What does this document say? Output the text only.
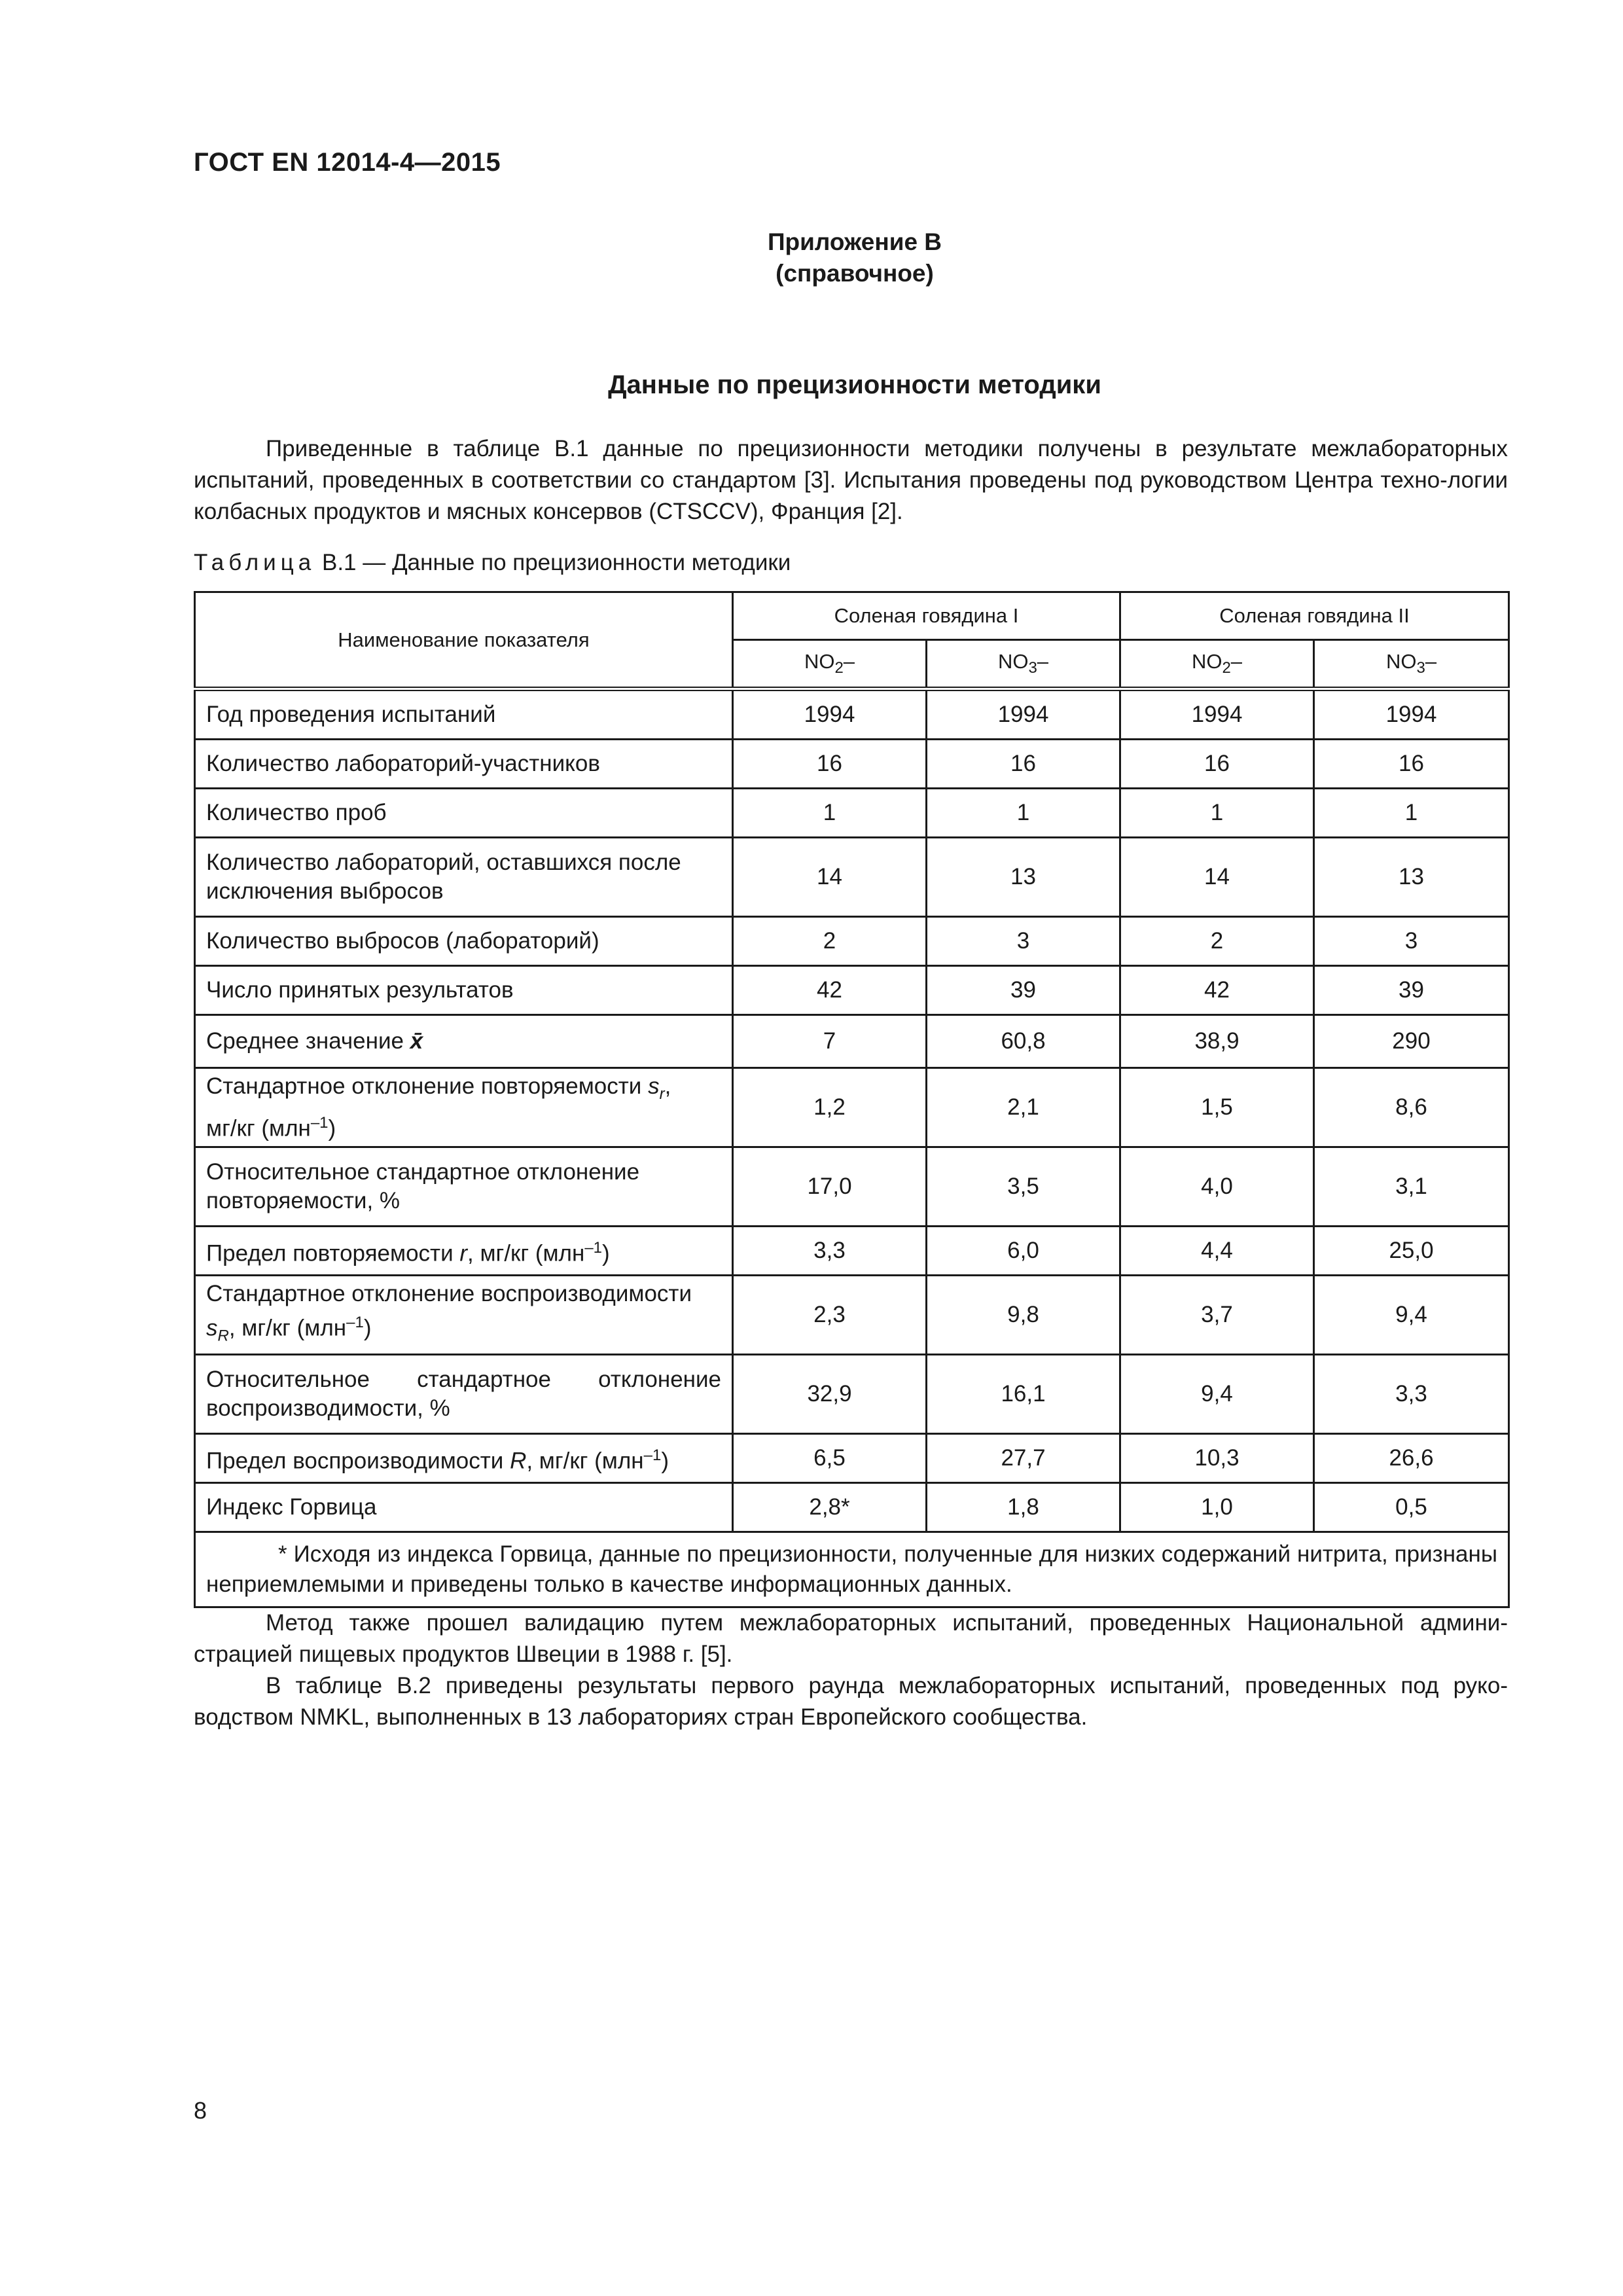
ГОСТ EN 12014-4—2015
Приложение В
(справочное)
Данные по прецизионности методики

Приведенные в таблице В.1 данные по прецизионности методики получены в результате межлабораторных испытаний, проведенных в соответствии со стандартом [3]. Испытания проведены под руководством Центра техно-логии колбасных продуктов и мясных консервов (CTSCCV), Франция [2].

Таблица В.1 — Данные по прецизионности методики
Наименование показателя	Соленая говядина I		Соленая говядина II	
	$NO_2-$	$NO_3-$	$NO_2-$	$NO_3-$
Год проведения испытаний	1994	1994	1994	1994
Количество лабораторий-участников	16	16	16	16
Количество проб	1	1	1	1
Количество лабораторий, оставшихся после
исключения выбросов	14	13	14	13
Количество выбросов (лабораторий)	2	3	2	3
Число принятых результатов	42	39	42	39
Среднее значение x̄	7	60,8	38,9	290
Стандартное отклонение повторяемости $s_r$,
мг/кг (млн$^{-1}$)	1,2	2,1	1,5	8,6
Относительное стандартное отклонение
повторяемости, %	17,0	3,5	4,0	3,1
Предел повторяемости r, мг/кг (млн$^{-1}$)	3,3	6,0	4,4	25,0
Стандартное отклонение воспроизводимости
$s_R$, мг/кг (млн$^{-1}$)	2,3	9,8	3,7	9,4

Относительное стандартное отклонение
воспроизводимости, %	32,9	16,1	9,4	3,3
Предел воспроизводимости R, мг/кг (млн$^{-1}$)	6,5	27,7	10,3	26,6
Индекс Горвица	2,8*	1,8	1,0	0,5
* Исходя из индекса Горвица, данные по прецизионности, полученные для низких содержаний нитрита, признаны неприемлемыми и приведены только в качестве информационных данных.				

Метод также прошел валидацию путем межлабораторных испытаний, проведенных Национальной админи-страцией пищевых продуктов Швеции в 1988 г. [5].

В таблице В.2 приведены результаты первого раунда межлабораторных испытаний, проведенных под руко-водством NMKL, выполненных в 13 лабораториях стран Европейского сообщества.

8
